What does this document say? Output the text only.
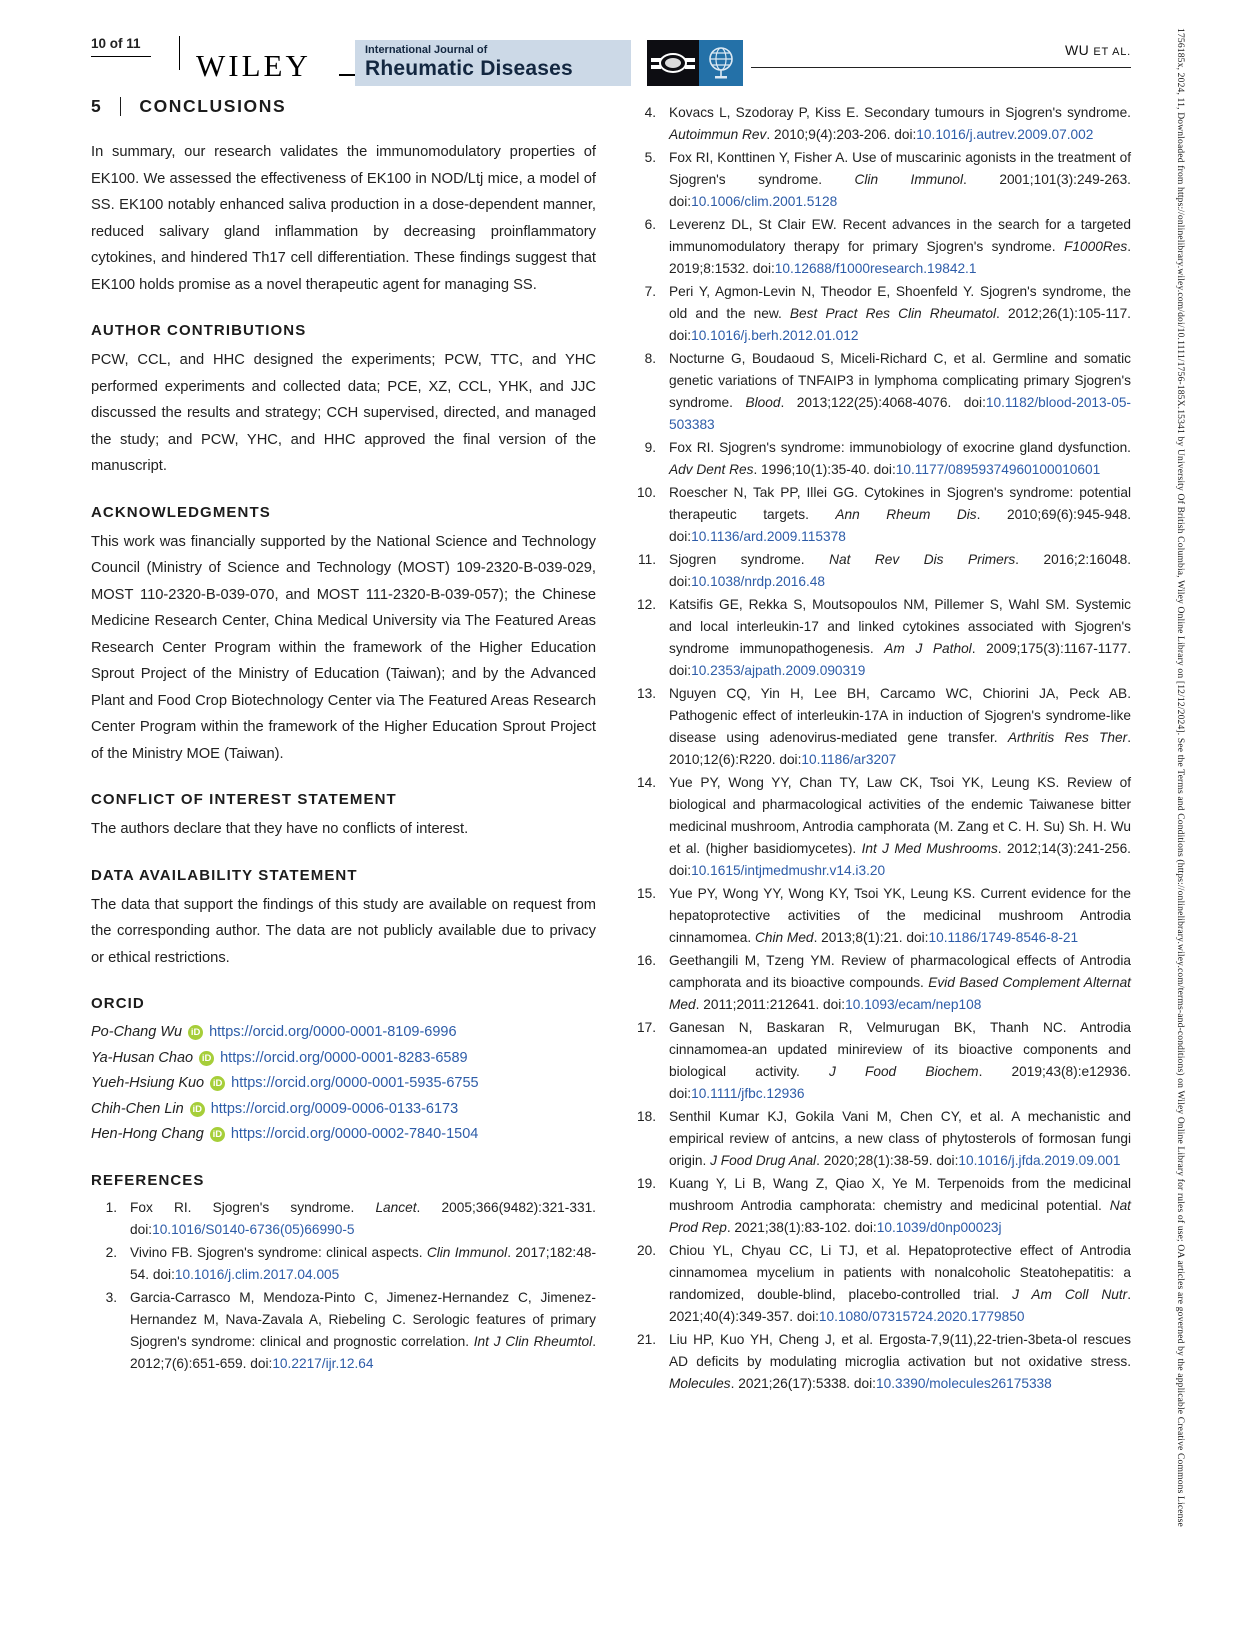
1756185x, 2024, 11, Downloaded from https://onlinelibrary.wiley.com/doi/10.1111/1756-185X.15341 by University Of British Columbia, Wiley Online Library on [12/12/2024]. See the Terms and Conditions (https://onlinelibrary.wiley.com/terms-and-conditions) on Wiley Online Library for rules of use; OA articles are governed by the applicable Creative Commons License
10 of 11
WILEY	International Journal of
Rheumatic Diseases
WU ET AL.
5 CONCLUSIONS

In summary, our research validates the immunomodulatory properties of EK100. We assessed the effectiveness of EK100 in NOD/Ltj mice, a model of SS. EK100 notably enhanced saliva production in a dose-dependent manner, reduced salivary gland inflammation by decreasing proinflammatory cytokines, and hindered Th17 cell differentiation. These findings suggest that EK100 holds promise as a novel therapeutic agent for managing SS.

AUTHOR CONTRIBUTIONS

PCW, CCL, and HHC designed the experiments; PCW, TTC, and YHC performed experiments and collected data; PCE, XZ, CCL, YHK, and JJC discussed the results and strategy; CCH supervised, directed, and managed the study; and PCW, YHC, and HHC approved the final version of the manuscript.

ACKNOWLEDGMENTS

This work was financially supported by the National Science and Technology Council (Ministry of Science and Technology (MOST) 109-2320-B-039-029, MOST 110-2320-B-039-070, and MOST 111-2320-B-039-057); the Chinese Medicine Research Center, China Medical University via The Featured Areas Research Center Program within the framework of the Higher Education Sprout Project of the Ministry of Education (Taiwan); and by the Advanced Plant and Food Crop Biotechnology Center via The Featured Areas Research Center Program within the framework of the Higher Education Sprout Project of the Ministry MOE (Taiwan).

CONFLICT OF INTEREST STATEMENT

The authors declare that they have no conflicts of interest.

DATA AVAILABILITY STATEMENT

The data that support the findings of this study are available on request from the corresponding author. The data are not publicly available due to privacy or ethical restrictions.

ORCID
Po-Chang Wu iD https://orcid.org/0000-0001-8109-6996
Ya-Husan Chao iD https://orcid.org/0000-0001-8283-6589
Yueh-Hsiung Kuo iD https://orcid.org/0000-0001-5935-6755
Chih-Chen Lin iD https://orcid.org/0009-0006-0133-6173
Hen-Hong Chang iD https://orcid.org/0000-0002-7840-1504
REFERENCES
1. Fox RI. Sjogren's syndrome. Lancet. 2005;366(9482):321-331. doi:10.1016/S0140-6736(05)66990-5
2. Vivino FB. Sjogren's syndrome: clinical aspects. Clin Immunol. 2017;182:48-54. doi:10.1016/j.clim.2017.04.005
3. Garcia-Carrasco M, Mendoza-Pinto C, Jimenez-Hernandez C, Jimenez-Hernandez M, Nava-Zavala A, Riebeling C. Serologic features of primary Sjogren's syndrome: clinical and prognostic correlation. Int J Clin Rheumtol. 2012;7(6):651-659. doi:10.2217/ijr.12.64
4. Kovacs L, Szodoray P, Kiss E. Secondary tumours in Sjogren's syndrome. Autoimmun Rev. 2010;9(4):203-206. doi:10.1016/j.autrev.2009.07.002
5. Fox RI, Konttinen Y, Fisher A. Use of muscarinic agonists in the treatment of Sjogren's syndrome. Clin Immunol. 2001;101(3):249-263. doi:10.1006/clim.2001.5128
6. Leverenz DL, St Clair EW. Recent advances in the search for a targeted immunomodulatory therapy for primary Sjogren's syndrome. F1000Res. 2019;8:1532. doi:10.12688/f1000research.19842.1
7. Peri Y, Agmon-Levin N, Theodor E, Shoenfeld Y. Sjogren's syndrome, the old and the new. Best Pract Res Clin Rheumatol. 2012;26(1):105-117. doi:10.1016/j.berh.2012.01.012
8. Nocturne G, Boudaoud S, Miceli-Richard C, et al. Germline and somatic genetic variations of TNFAIP3 in lymphoma complicating primary Sjogren's syndrome. Blood. 2013;122(25):4068-4076. doi:10.1182/blood-2013-05-503383
9. Fox RI. Sjogren's syndrome: immunobiology of exocrine gland dysfunction. Adv Dent Res. 1996;10(1):35-40. doi:10.1177/08959374960100010601
10. Roescher N, Tak PP, Illei GG. Cytokines in Sjogren's syndrome: potential therapeutic targets. Ann Rheum Dis. 2010;69(6):945-948. doi:10.1136/ard.2009.115378
11. Sjogren syndrome. Nat Rev Dis Primers. 2016;2:16048. doi:10.1038/nrdp.2016.48
12. Katsifis GE, Rekka S, Moutsopoulos NM, Pillemer S, Wahl SM. Systemic and local interleukin-17 and linked cytokines associated with Sjogren's syndrome immunopathogenesis. Am J Pathol. 2009;175(3):1167-1177. doi:10.2353/ajpath.2009.090319
13. Nguyen CQ, Yin H, Lee BH, Carcamo WC, Chiorini JA, Peck AB. Pathogenic effect of interleukin-17A in induction of Sjogren's syndrome-like disease using adenovirus-mediated gene transfer. Arthritis Res Ther. 2010;12(6):R220. doi:10.1186/ar3207
14. Yue PY, Wong YY, Chan TY, Law CK, Tsoi YK, Leung KS. Review of biological and pharmacological activities of the endemic Taiwanese bitter medicinal mushroom, Antrodia camphorata (M. Zang et C. H. Su) Sh. H. Wu et al. (higher basidiomycetes). Int J Med Mushrooms. 2012;14(3):241-256. doi:10.1615/intjmedmushr.v14.i3.20
15. Yue PY, Wong YY, Wong KY, Tsoi YK, Leung KS. Current evidence for the hepatoprotective activities of the medicinal mushroom Antrodia cinnamomea. Chin Med. 2013;8(1):21. doi:10.1186/1749-8546-8-21
16. Geethangili M, Tzeng YM. Review of pharmacological effects of Antrodia camphorata and its bioactive compounds. Evid Based Complement Alternat Med. 2011;2011:212641. doi:10.1093/ecam/nep108
17. Ganesan N, Baskaran R, Velmurugan BK, Thanh NC. Antrodia cinnamomea-an updated minireview of its bioactive components and biological activity. J Food Biochem. 2019;43(8):e12936. doi:10.1111/jfbc.12936
18. Senthil Kumar KJ, Gokila Vani M, Chen CY, et al. A mechanistic and empirical review of antcins, a new class of phytosterols of formosan fungi origin. J Food Drug Anal. 2020;28(1):38-59. doi:10.1016/j.jfda.2019.09.001
19. Kuang Y, Li B, Wang Z, Qiao X, Ye M. Terpenoids from the medicinal mushroom Antrodia camphorata: chemistry and medicinal potential. Nat Prod Rep. 2021;38(1):83-102. doi:10.1039/d0np00023j
20. Chiou YL, Chyau CC, Li TJ, et al. Hepatoprotective effect of Antrodia cinnamomea mycelium in patients with nonalcoholic Steatohepatitis: a randomized, double-blind, placebo-controlled trial. J Am Coll Nutr. 2021;40(4):349-357. doi:10.1080/07315724.2020.1779850
21. Liu HP, Kuo YH, Cheng J, et al. Ergosta-7,9(11),22-trien-3beta-ol rescues AD deficits by modulating microglia activation but not oxidative stress. Molecules. 2021;26(17):5338. doi:10.3390/molecules26175338
